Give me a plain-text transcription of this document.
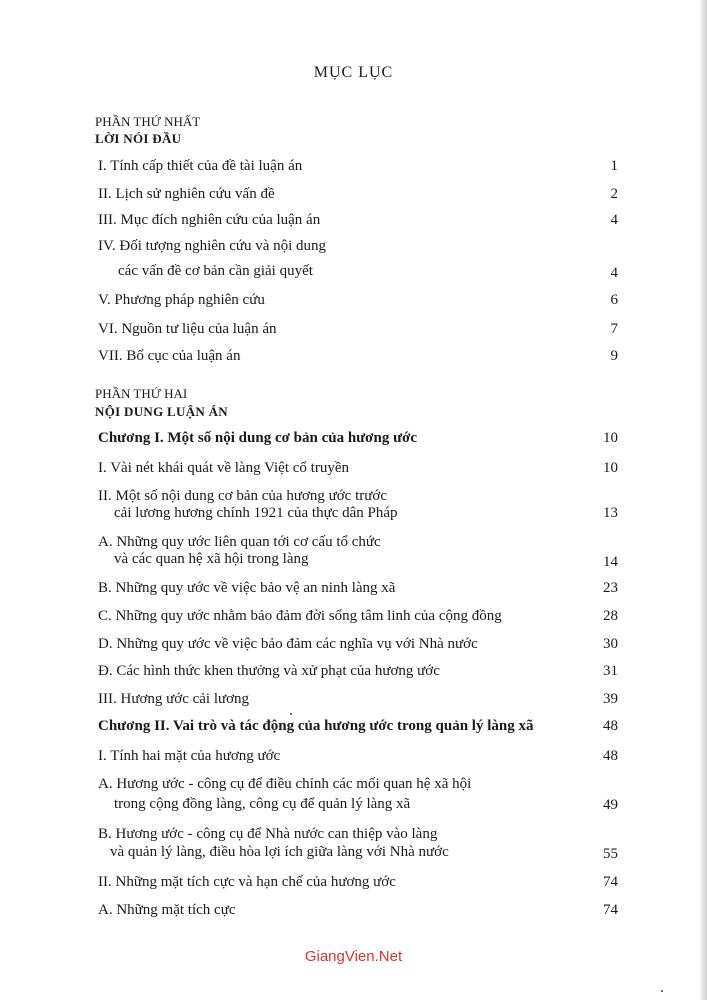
MỤC LỤC
PHẦN THỨ NHẤT
LỜI NÓI ĐẦU
I. Tính cấp thiết của đề tài luận án	1
II. Lịch sử nghiên cứu vấn đề	2
III. Mục đích nghiên cứu của luận án	4
IV. Đối tượng nghiên cứu và nội dung
các vấn đề cơ bản cần giải quyết	4
V. Phương pháp nghiên cứu	6
VI. Nguồn tư liệu của luận án	7
VII. Bố cục của luận án	9
PHẦN THỨ HAI
NỘI DUNG LUẬN ÁN
Chương I. Một số nội dung cơ bản của hương ước	10
I. Vài nét khái quát về làng Việt cổ truyền	10
II. Một số nội dung cơ bản của hương ước trước
cải lương hương chính 1921 của thực dân Pháp	13
A. Những quy ước liên quan tới cơ cấu tổ chức
và các quan hệ xã hội trong làng	14
B. Những quy ước về việc bảo vệ an ninh làng xã	23
C. Những quy ước nhằm bảo đảm đời sống tâm linh của cộng đồng	28
D. Những quy ước về việc bảo đảm các nghĩa vụ với Nhà nước	30
Đ. Các hình thức khen thưởng và xử phạt của hương ước	31
III. Hương ước cải lương	39
Chương II. Vai trò và tác động của hương ước trong quản lý làng xã	48
I. Tính hai mặt của hương ước	48
A. Hương ước - công cụ để điều chỉnh các mối quan hệ xã hội
trong cộng đồng làng, công cụ để quản lý làng xã	49
B. Hương ước - công cụ để Nhà nước can thiệp vào làng
và quản lý làng, điều hòa lợi ích giữa làng với Nhà nước	55
II. Những mặt tích cực và hạn chế của hương ước	74
A. Những mặt tích cực	74
GiangVien.Net
